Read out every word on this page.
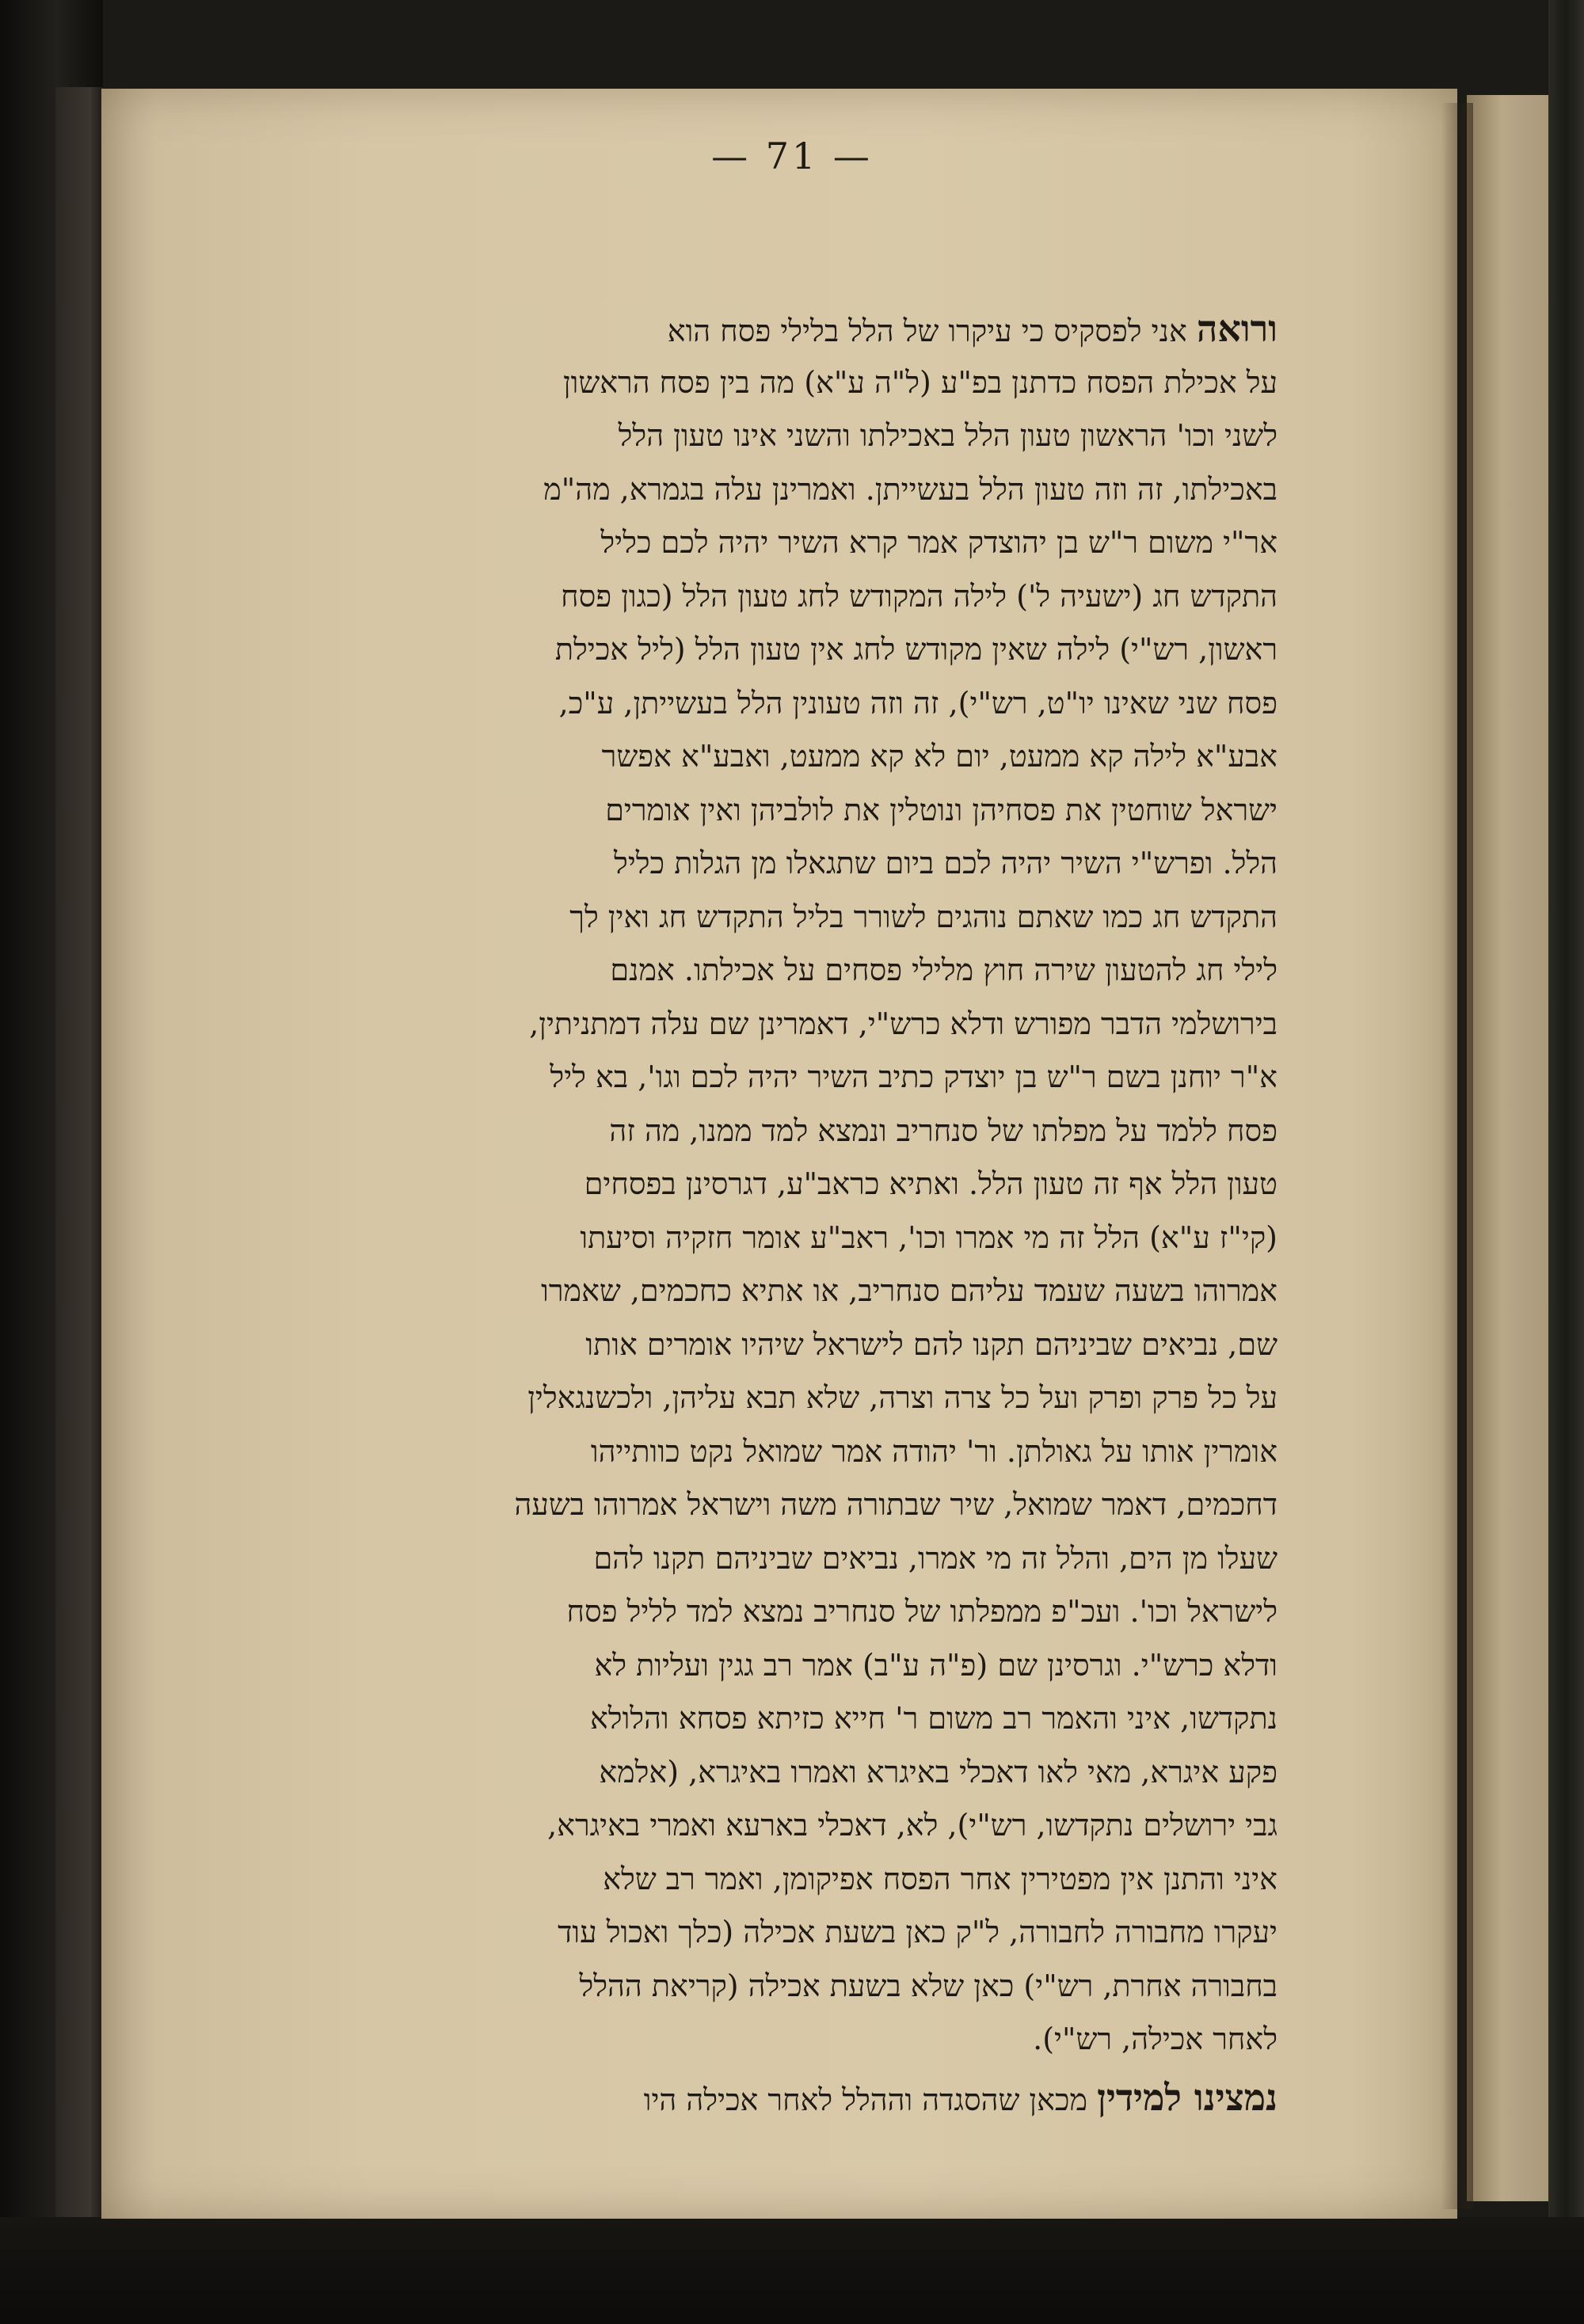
— 71 —
ורואה אני לפסקיס כי עיקרו של הלל בלילי פסח הוא
על אכילת הפסח כדתנן בפ"ע (ל"ה ע"א) מה בין פסח הראשון
לשני וכו' הראשון טעון הלל באכילתו והשני אינו טעון הלל
באכילתו, זה וזה טעון הלל בעשייתן. ואמרינן עלה בגמרא, מה"מ
אר"י משום ר"ש בן יהוצדק אמר קרא השיר יהיה לכם כליל
התקדש חג (ישעיה ל') לילה המקודש לחג טעון הלל (כגון פסח
ראשון, רש"י) לילה שאין מקודש לחג אין טעון הלל (ליל אכילת
פסח שני שאינו יו"ט, רש"י), זה וזה טעונין הלל בעשייתן, ע"כ,
אבע"א לילה קא ממעט, יום לא קא ממעט, ואבע"א אפשר
ישראל שוחטין את פסחיהן ונוטלין את לולביהן ואין אומרים
הלל. ופרש"י השיר יהיה לכם ביום שתגאלו מן הגלות כליל
התקדש חג כמו שאתם נוהגים לשורר בליל התקדש חג ואין לך
לילי חג להטעון שירה חוץ מלילי פסחים על אכילתו. אמנם
בירושלמי הדבר מפורש ודלא כרש"י, דאמרינן שם עלה דמתניתין,
א"ר יוחנן בשם ר"ש בן יוצדק כתיב השיר יהיה לכם וגו', בא ליל
פסח ללמד על מפלתו של סנחריב ונמצא למד ממנו, מה זה
טעון הלל אף זה טעון הלל. ואתיא כראב"ע, דגרסינן בפסחים
(קי"ז ע"א) הלל זה מי אמרו וכו', ראב"ע אומר חזקיה וסיעתו
אמרוהו בשעה שעמד עליהם סנחריב, או אתיא כחכמים, שאמרו
שם, נביאים שביניהם תקנו להם לישראל שיהיו אומרים אותו
על כל פרק ופרק ועל כל צרה וצרה, שלא תבא עליהן, ולכשנגאלין
אומרין אותו על גאולתן. ור' יהודה אמר שמואל נקט כוותייהו
דחכמים, דאמר שמואל, שיר שבתורה משה וישראל אמרוהו בשעה
שעלו מן הים, והלל זה מי אמרו, נביאים שביניהם תקנו להם
לישראל וכו'. ועכ"פ ממפלתו של סנחריב נמצא למד לליל פסח
ודלא כרש"י. וגרסינן שם (פ"ה ע"ב) אמר רב גגין ועליות לא
נתקדשו, איני והאמר רב משום ר' חייא כזיתא פסחא והלולא
פקע איגרא, מאי לאו דאכלי באיגרא ואמרו באיגרא, (אלמא
גבי ירושלים נתקדשו, רש"י), לא, דאכלי בארעא ואמרי באיגרא,
איני והתנן אין מפטירין אחר הפסח אפיקומן, ואמר רב שלא
יעקרו מחבורה לחבורה, ל"ק כאן בשעת אכילה (כלך ואכול עוד
בחבורה אחרת, רש"י) כאן שלא בשעת אכילה (קריאת ההלל
לאחר אכילה, רש"י).
נמצינו למידין מכאן שהסגדה וההלל לאחר אכילה היו
